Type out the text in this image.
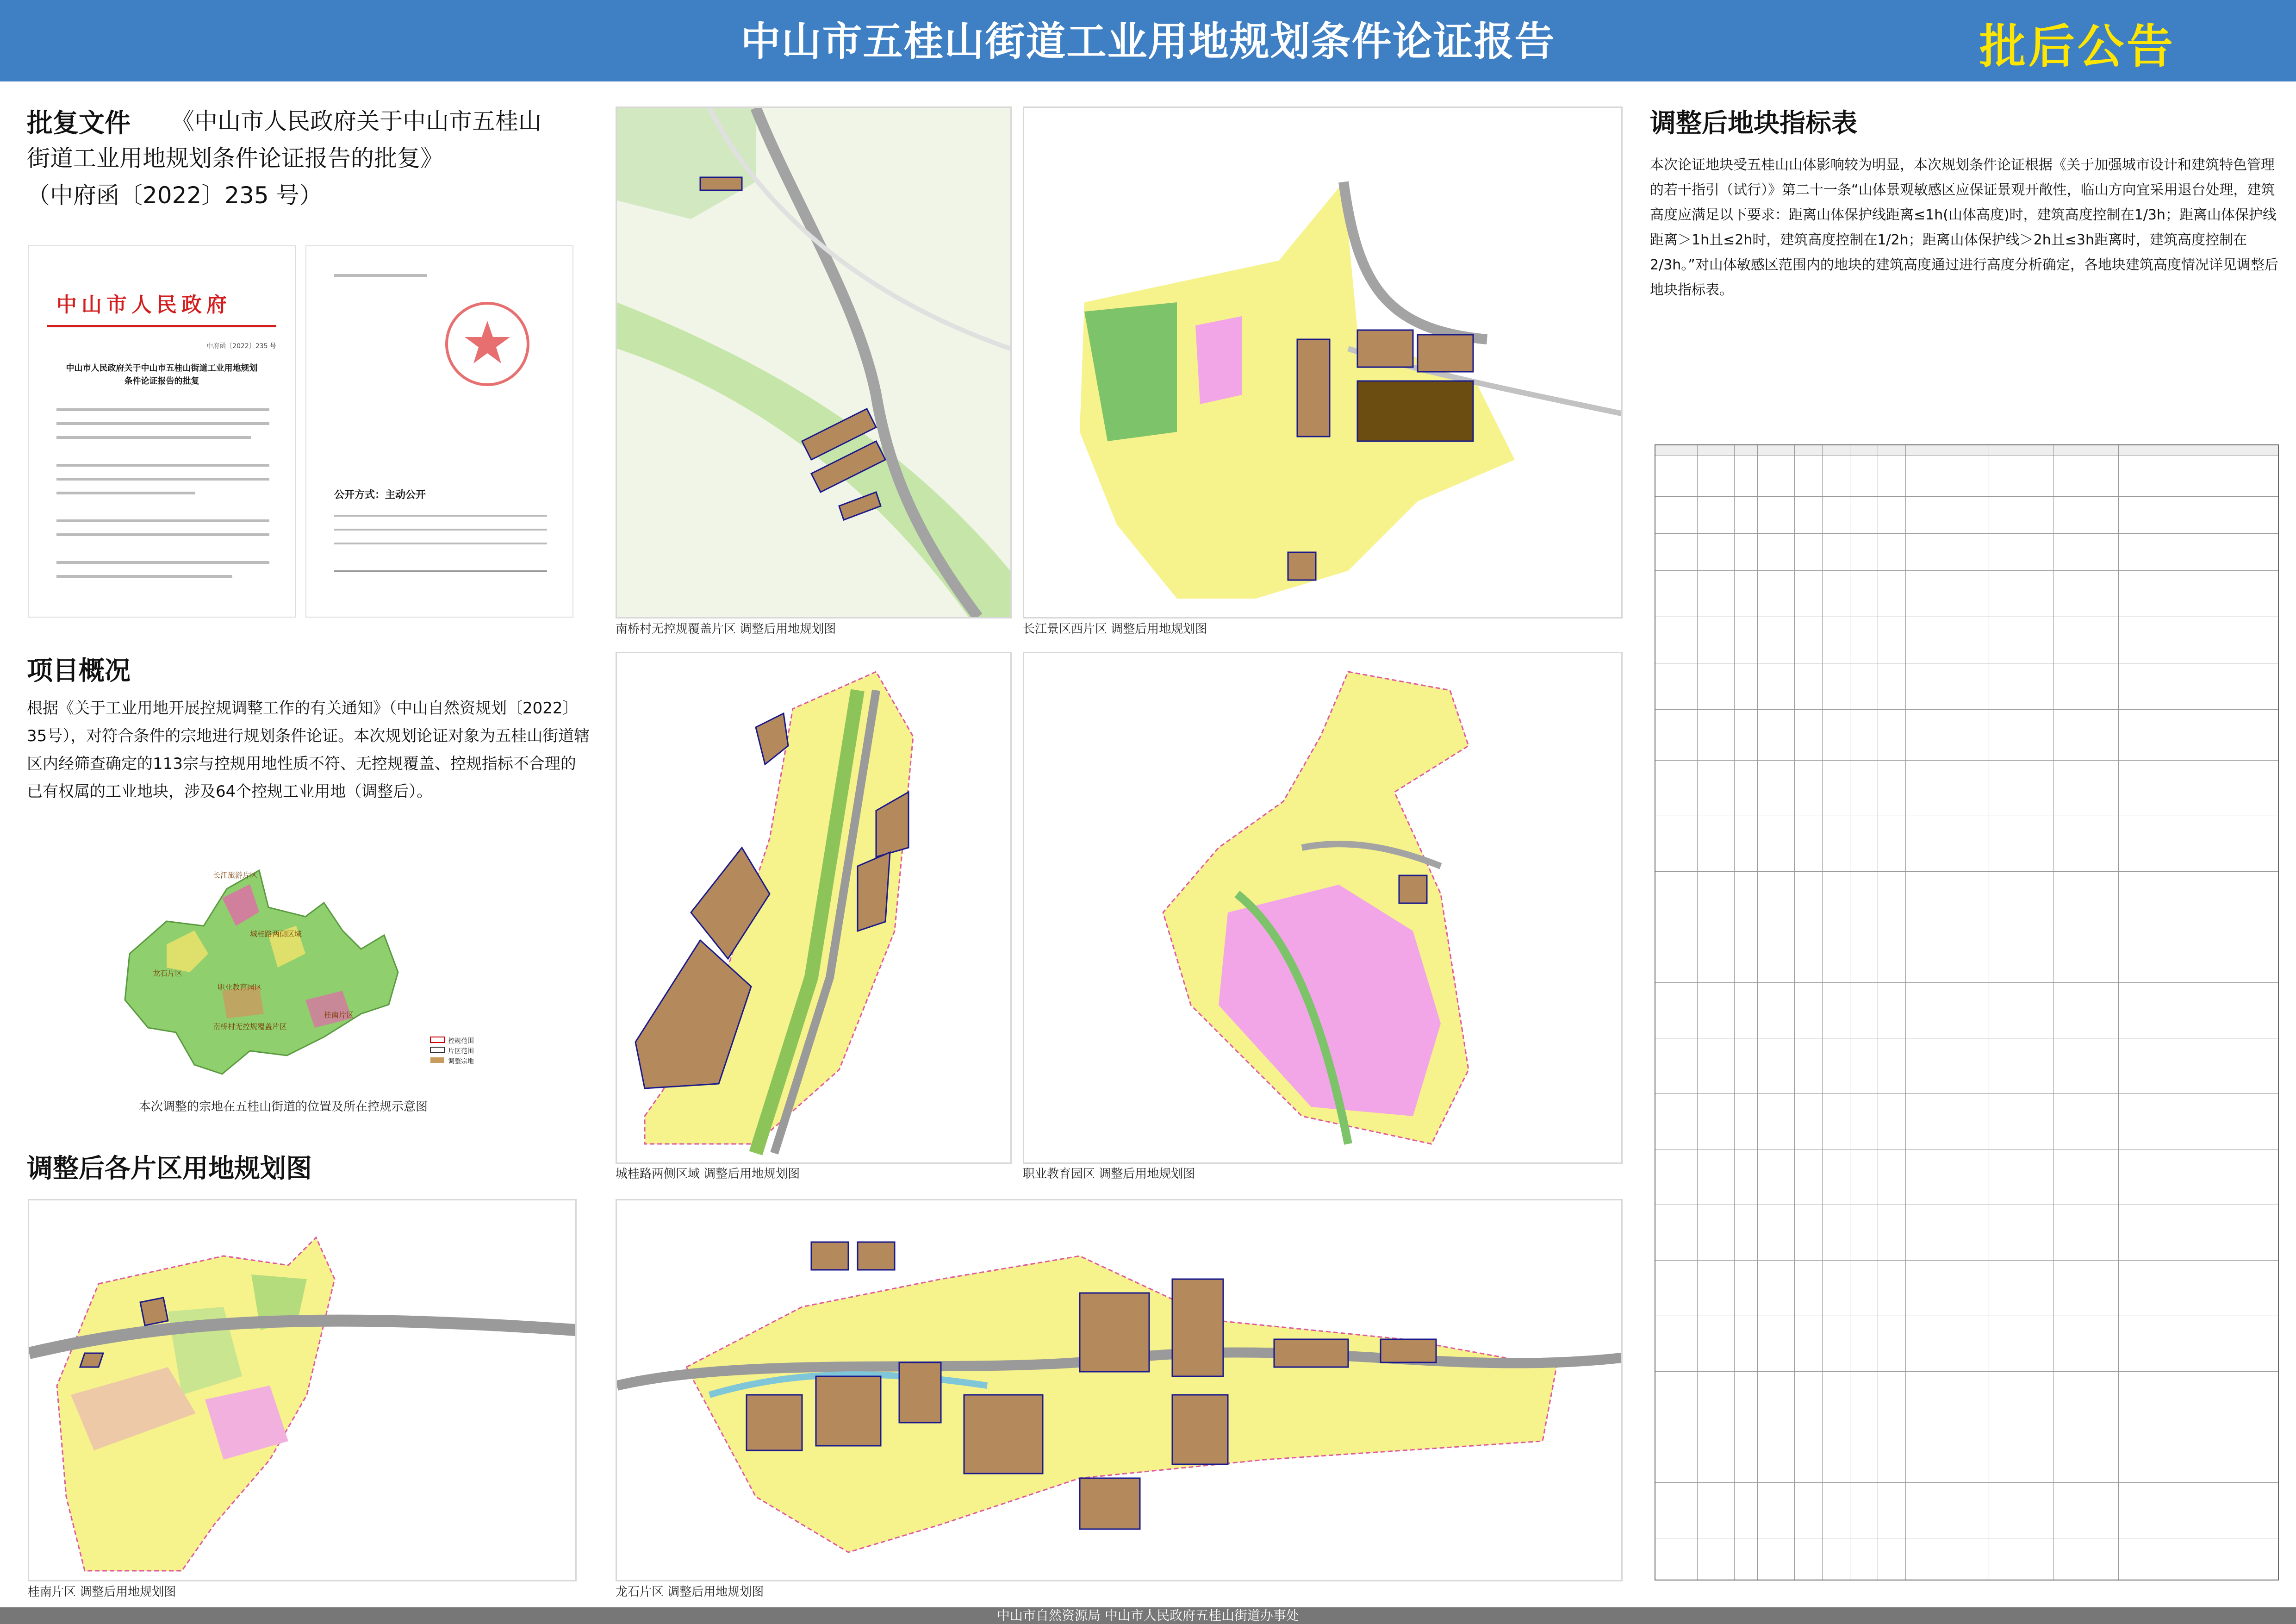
中山市五桂山街道工业用地规划条件论证报告	批后公告
批复文件 《中山市人民政府关于中山市五桂山
街道工业用地规划条件论证报告的批复》
（中府函〔2022〕235 号）
中山市人民政府
中府函〔2022〕235 号
中山市人民政府关于中山市五桂山街道工业用地规划条件论证报告的批复
公开方式：主动公开
项目概况
根据《关于工业用地开展控规调整工作的有关通知》（中山自然资规划〔2022〕35号），对符合条件的宗地进行规划条件论证。本次规划论证对象为五桂山街道辖区内经筛查确定的113宗与控规用地性质不符、无控规覆盖、控规指标不合理的已有权属的工业地块，涉及64个控规工业用地（调整后）。
长江旅游片区
城桂路两侧区域
龙石片区
职业教育园区
南桥村无控规覆盖片区
桂南片区
控规范围
片区范围
调整宗地
本次调整的宗地在五桂山街道的位置及所在控规示意图
调整后各片区用地规划图
桂南片区 调整后用地规划图
南桥村无控规覆盖片区 调整后用地规划图
城桂路两侧区域 调整后用地规划图
龙石片区 调整后用地规划图
长江景区西片区 调整后用地规划图
职业教育园区 调整后用地规划图
调整后地块指标表
本次论证地块受五桂山山体影响较为明显，本次规划条件论证根据《关于加强城市设计和建筑特色管理的若干指引（试行）》第二十一条“山体景观敏感区应保证景观开敞性，临山方向宜采用退台处理，建筑高度应满足以下要求：距离山体保护线距离≤1h(山体高度)时，建筑高度控制在1/3h；距离山体保护线距离＞1h且≤2h时，建筑高度控制在1/2h；距离山体保护线＞2h且≤3h距离时，建筑高度控制在2/3h。”对山体敏感区范围内的地块的建筑高度通过进行高度分析确定，各地块建筑高度情况详见调整后地块指标表。
中山市自然资源局 中山市人民政府五桂山街道办事处
